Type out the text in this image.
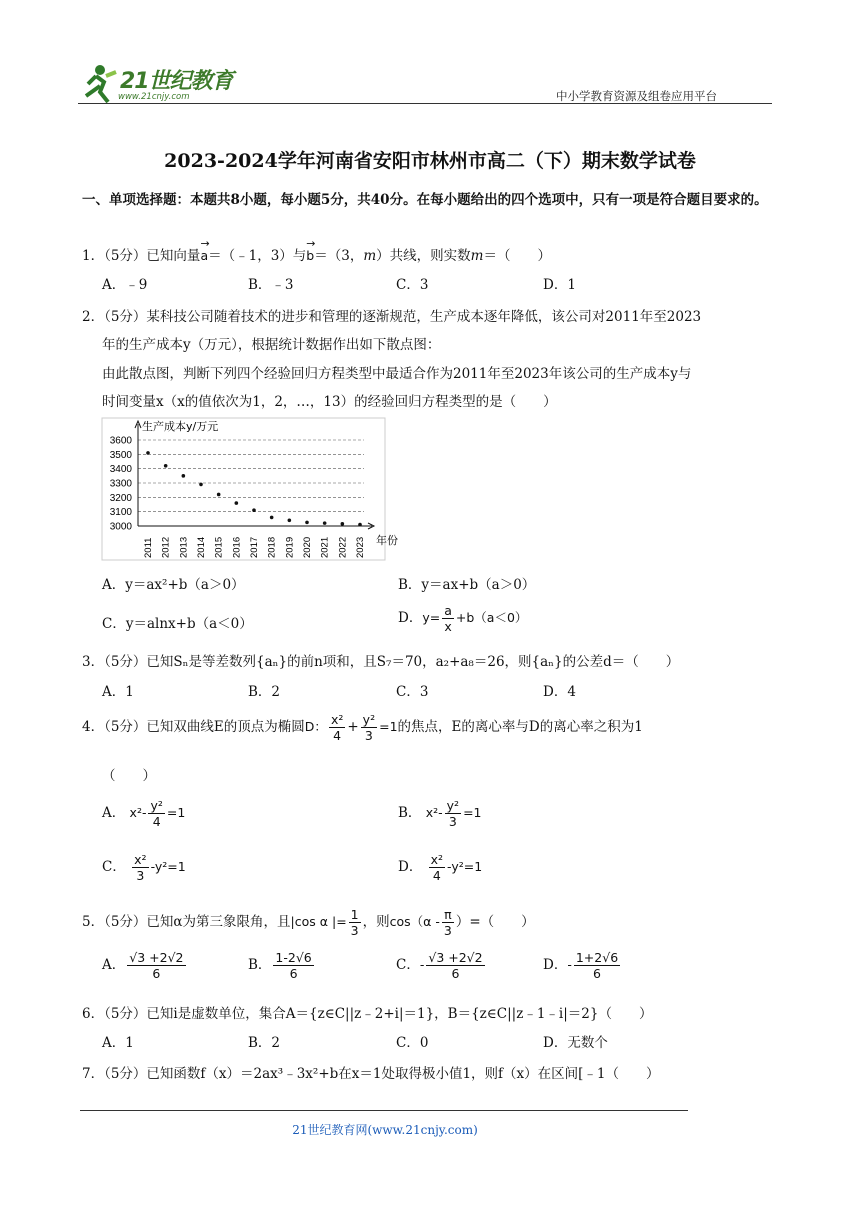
21世纪教育
www.21cnjy.com	中小学教育资源及组卷应用平台
2023-2024学年河南省安阳市林州市高二（下）期末数学试卷
一、单项选择题：本题共8小题，每小题5分，共40分。在每小题给出的四个选项中，只有一项是符合题目要求的。
1．（5分）已知向量→ a＝（﹣1，3）与→ b＝（3，m）共线，则实数m＝（　　）
A．﹣9	B．﹣3	C．3	D．1
2．（5分）某科技公司随着技术的进步和管理的逐渐规范，生产成本逐年降低，该公司对2011年至2023
年的生产成本y（万元），根据统计数据作出如下散点图：
由此散点图，判断下列四个经验回归方程类型中最适合作为2011年至2023年该公司的生产成本y与
时间变量x（x的值依次为1，2，…，13）的经验回归方程类型的是（　　）
3600
3500
3400
3300
3200
3100
3000
生产成本y/万元
年份
2011 2012 2013 2014 2015 2016 2017 2018 2019 2020 2021 2022 2023
A．y＝ax²+b（a＞0）	B．y＝ax+b（a＞0）
C．y＝alnx+b（a＜0）	D．$y= \frac{a}{x} +b(a<0)$
3．（5分）已知Sₙ是等差数列{aₙ}的前n项和，且S₇＝70，a₂+a₈＝26，则{aₙ}的公差d＝（　　）
A．1	B．2	C．3	D．4
4．（5分）已知双曲线E的顶点为椭圆D： $\frac{\text{x²}}{4} + \frac{\text{y²}}{3} =1$的焦点，E的离心率与D的离心率之积为1
（　　）
A． $x^2- \frac{\text{y²}}{4} =1$	B． $x^2- \frac{\text{y²}}{3} =1$
C． $\frac{\text{x²}}{3} -y^2=1$	D． $\frac{\text{x²}}{4} -y^2=1$
5．（5分）已知α为第三象限角，且|cos α |= $\frac{1}{3}$ ，则$\cos(\alpha - \frac{\pi}{3}$ ）=（　　）
A． $\frac{√3 +2√2}{6}$	B． $\frac{1-2√6}{6}$	C．- $\frac{√3 +2√2}{6}$	D．- $\frac{1+2√6}{6}$
6．（5分）已知i是虚数单位，集合A＝{z∈C||z﹣2+i|＝1}，B＝{z∈C||z﹣1﹣i|＝2}（　　）
A．1	B．2	C．0	D．无数个
7．（5分）已知函数f（x）＝2ax³﹣3x²+b在x＝1处取得极小值1，则f（x）在区间[﹣1（　　）
21世纪教育网(www.21cnjy.com)
